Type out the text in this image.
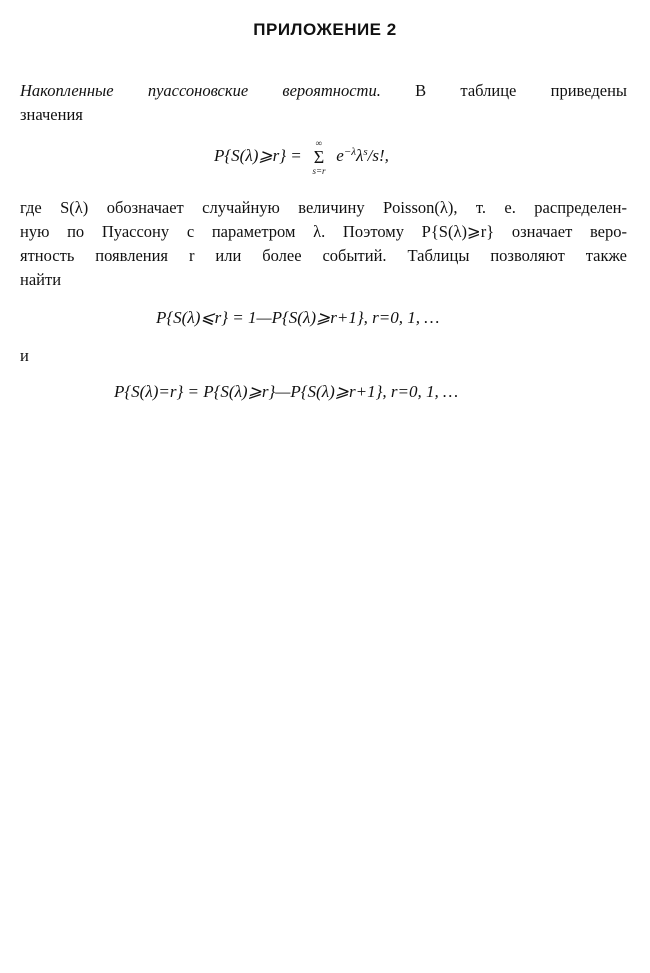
ПРИЛОЖЕНИЕ 2
Накопленные пуассоновские вероятности. В таблице приведены
значения
P{S(λ)⩾r} =
∞
Σ
s=r
$e^{-\lambda}\lambda^s/s$!,
где S(λ) обозначает случайную величину Poisson(λ), т. е. распределен-
ную по Пуассону с параметром λ. Поэтому P{S(λ)⩾r} означает веро-
ятность появления r или более событий. Таблицы позволяют также
найти
P{S(λ)⩽r} = 1—P{S(λ)⩾r+1}, r=0, 1, …
и
P{S(λ)=r} = P{S(λ)⩾r}—P{S(λ)⩾r+1}, r=0, 1, …
